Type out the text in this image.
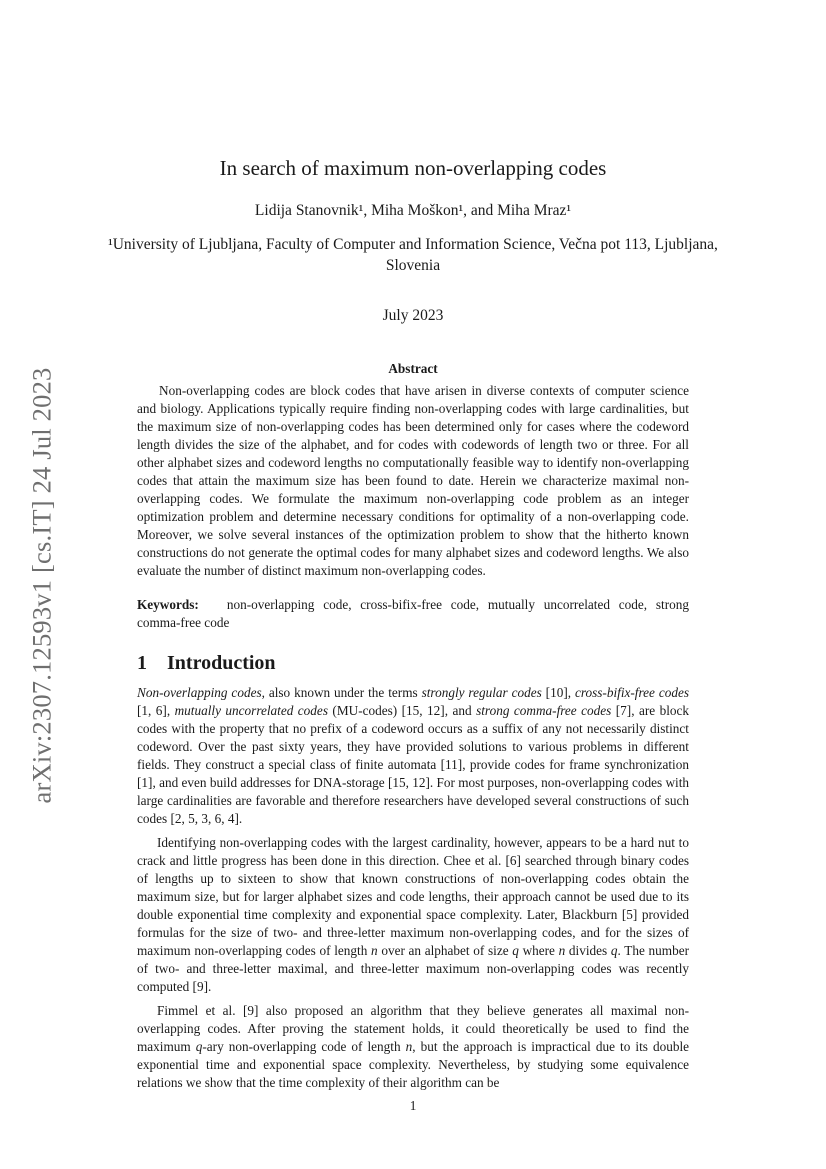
arXiv:2307.12593v1 [cs.IT] 24 Jul 2023
In search of maximum non-overlapping codes
Lidija Stanovnik¹, Miha Moškon¹, and Miha Mraz¹
¹University of Ljubljana, Faculty of Computer and Information Science, Večna pot 113, Ljubljana, Slovenia
July 2023
Abstract

Non-overlapping codes are block codes that have arisen in diverse contexts of computer science and biology. Applications typically require finding non-overlapping codes with large cardinalities, but the maximum size of non-overlapping codes has been determined only for cases where the codeword length divides the size of the alphabet, and for codes with codewords of length two or three. For all other alphabet sizes and codeword lengths no computationally feasible way to identify non-overlapping codes that attain the maximum size has been found to date. Herein we characterize maximal non-overlapping codes. We formulate the maximum non-overlapping code problem as an integer optimization problem and determine necessary conditions for optimality of a non-overlapping code. Moreover, we solve several instances of the optimization problem to show that the hitherto known constructions do not generate the optimal codes for many alphabet sizes and codeword lengths. We also evaluate the number of distinct maximum non-overlapping codes.

Keywords: non-overlapping code, cross-bifix-free code, mutually uncorrelated code, strong comma-free code
1 Introduction

Non-overlapping codes, also known under the terms strongly regular codes [10], cross-bifix-free codes [1, 6], mutually uncorrelated codes (MU-codes) [15, 12], and strong comma-free codes [7], are block codes with the property that no prefix of a codeword occurs as a suffix of any not necessarily distinct codeword. Over the past sixty years, they have provided solutions to various problems in different fields. They construct a special class of finite automata [11], provide codes for frame synchronization [1], and even build addresses for DNA-storage [15, 12]. For most purposes, non-overlapping codes with large cardinalities are favorable and therefore researchers have developed several constructions of such codes [2, 5, 3, 6, 4].

Identifying non-overlapping codes with the largest cardinality, however, appears to be a hard nut to crack and little progress has been done in this direction. Chee et al. [6] searched through binary codes of lengths up to sixteen to show that known constructions of non-overlapping codes obtain the maximum size, but for larger alphabet sizes and code lengths, their approach cannot be used due to its double exponential time complexity and exponential space complexity. Later, Blackburn [5] provided formulas for the size of two- and three-letter maximum non-overlapping codes, and for the sizes of maximum non-overlapping codes of length n over an alphabet of size q where n divides q. The number of two- and three-letter maximal, and three-letter maximum non-overlapping codes was recently computed [9].

Fimmel et al. [9] also proposed an algorithm that they believe generates all maximal non-overlapping codes. After proving the statement holds, it could theoretically be used to find the maximum q-ary non-overlapping code of length n, but the approach is impractical due to its double exponential time and exponential space complexity. Nevertheless, by studying some equivalence relations we show that the time complexity of their algorithm can be

1
